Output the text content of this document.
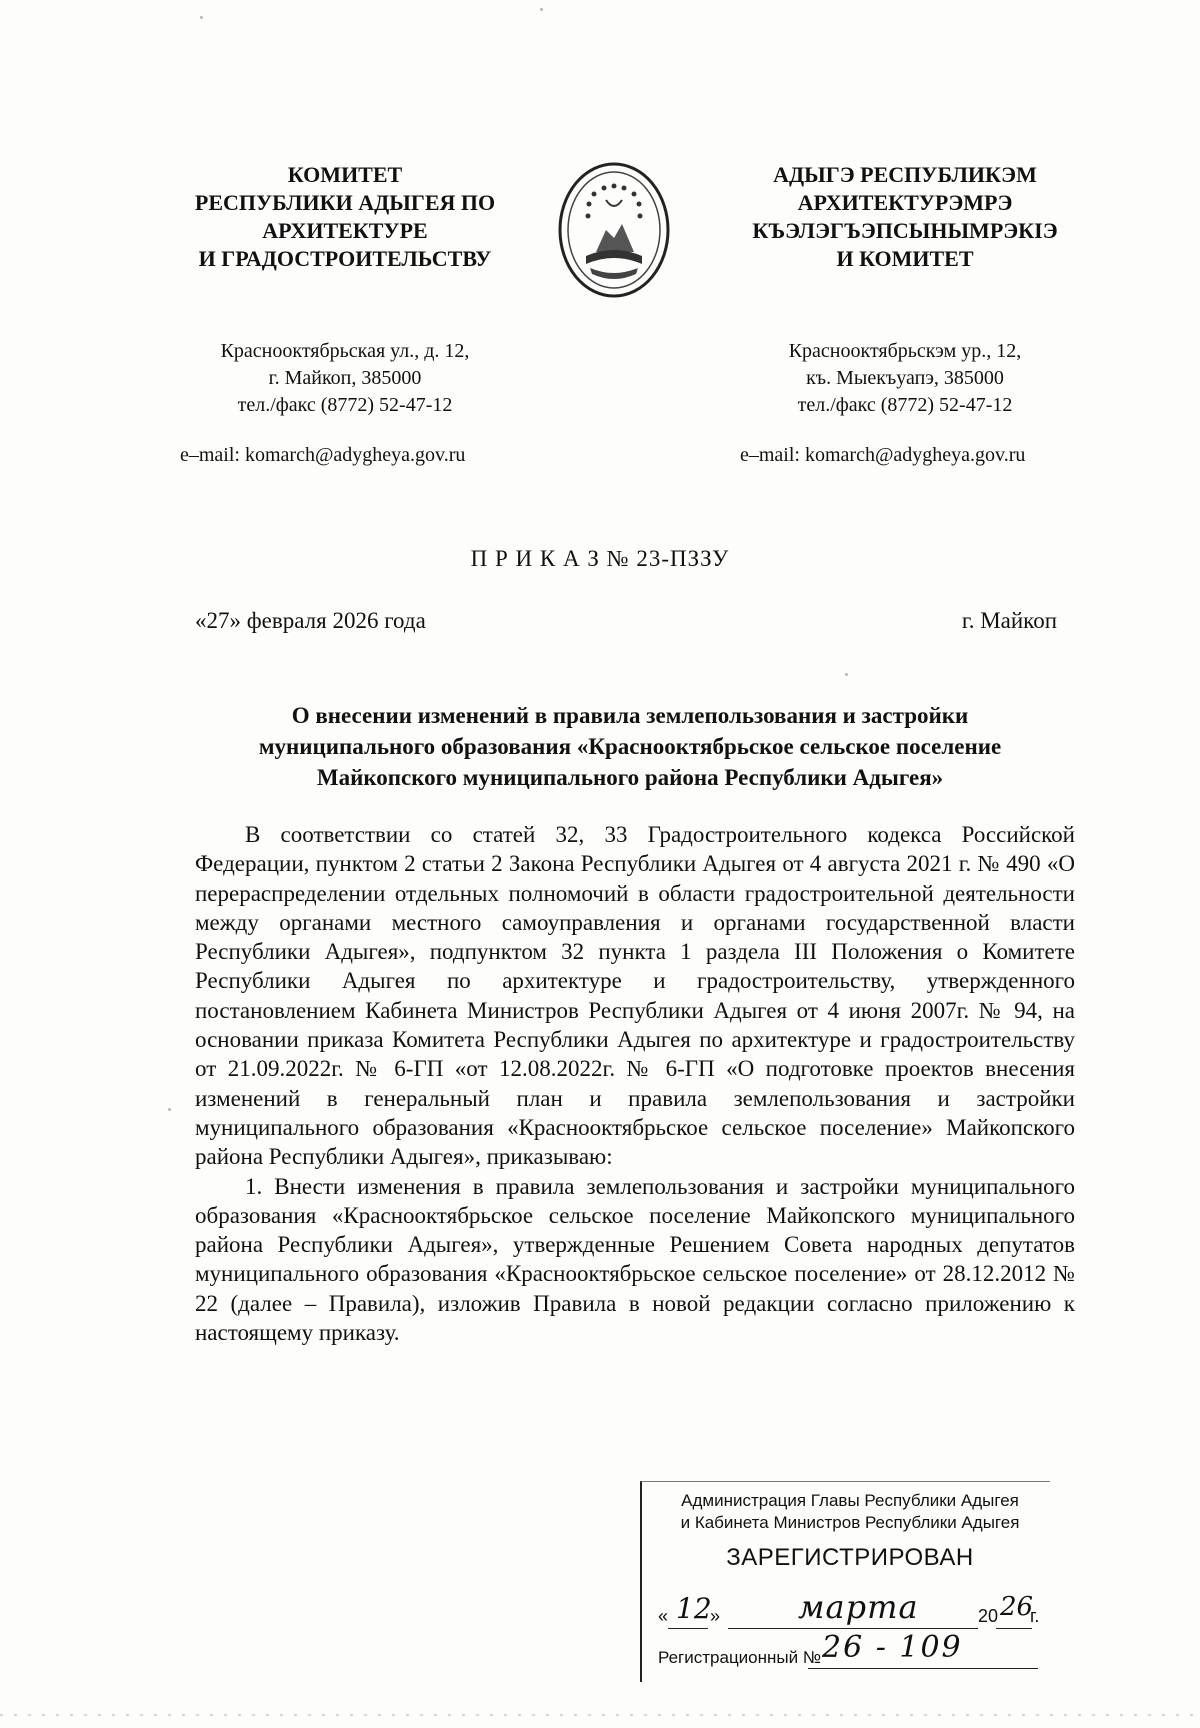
КОМИТЕТ
РЕСПУБЛИКИ АДЫГЕЯ ПО
АРХИТЕКТУРЕ
И ГРАДОСТРОИТЕЛЬСТВУ
АДЫГЭ РЕСПУБЛИКЭМ
АРХИТЕКТУРЭМРЭ
КЪЭЛЭГЪЭПСЫНЫМРЭКIЭ
И КОМИТЕТ
Краснооктябрьская ул., д. 12,
г. Майкоп, 385000
тел./факс (8772) 52-47-12
Краснооктябрьскэм ур., 12,
къ. Мыекъуапэ, 385000
тел./факс (8772) 52-47-12
e–mail: komarch@adygheya.gov.ru	e–mail: komarch@adygheya.gov.ru
П Р И К А З № 23-ПЗЗУ
«27» февраля 2026 года	г. Майкоп
О внесении изменений в правила землепользования и застройки
муниципального образования «Краснооктябрьское сельское поселение
Майкопского муниципального района Республики Адыгея»

В соответствии со статей 32, 33 Градостроительного кодекса Российской Федерации, пунктом 2 статьи 2 Закона Республики Адыгея от 4 августа 2021 г. № 490 «О перераспределении отдельных полномочий в области градостроительной деятельности между органами местного самоуправления и органами государственной власти Республики Адыгея», подпунктом 32 пункта 1 раздела III Положения о Комитете Республики Адыгея по архитектуре и градостроительству, утвержденного постановлением Кабинета Министров Республики Адыгея от 4 июня 2007г. № 94, на основании приказа Комитета Республики Адыгея по архитектуре и градостроительству от 21.09.2022г. № 6-ГП «от 12.08.2022г. № 6-ГП «О подготовке проектов внесения изменений в генеральный план и правила землепользования и застройки муниципального образования «Краснооктябрьское сельское поселение» Майкопского района Республики Адыгея», приказываю:

1. Внести изменения в правила землепользования и застройки муниципального образования «Краснооктябрьское сельское поселение Майкопского муниципального района Республики Адыгея», утвержденные Решением Совета народных депутатов муниципального образования «Краснооктябрьское сельское поселение» от 28.12.2012 № 22 (далее – Правила), изложив Правила в новой редакции согласно приложению к настоящему приказу.

Администрация Главы Республики Адыгея
и Кабинета Министров Республики Адыгея
ЗАРЕГИСТРИРОВАН
« 12
» марта	20 26
г.
Регистрационный № 26 - 109
